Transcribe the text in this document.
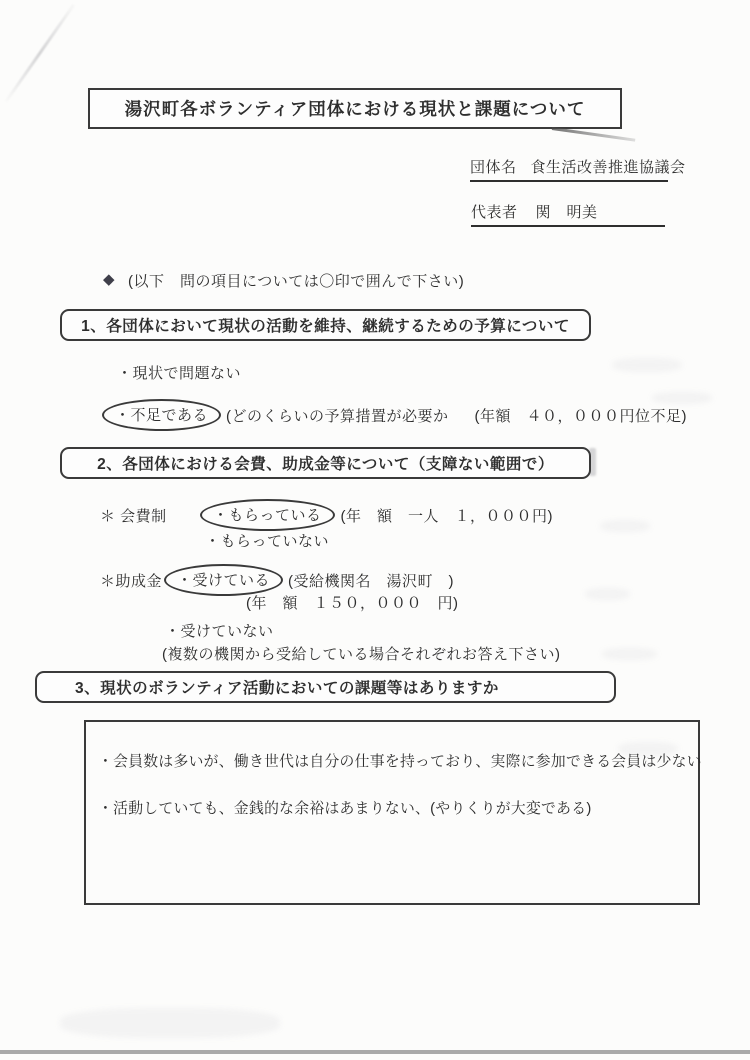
湯沢町各ボランティア団体における現状と課題について
団体名 食生活改善推進協議会
代表者 関　明美
◆ (以下　問の項目については〇印で囲んで下さい)
1、各団体において現状の活動を維持、継続するための予算について
・現状で問題ない
・不足である	(どのくらいの予算措置が必要か (年額　４０，０００円位不足)
2、各団体における会費、助成金等について（支障ない範囲で）
＊ 会費制	・もらっている	(年　額　一人　１，０００円)
・もらっていない
＊助成金 ・受けている	(受給機関名　湯沢町　)
(年　額　１５０，０００　円)
・受けていない
(複数の機関から受給している場合それぞれお答え下さい)
3、現状のボランティア活動においての課題等はありますか
・会員数は多いが、働き世代は自分の仕事を持っており、実際に参加できる会員は少ない
・活動していても、金銭的な余裕はあまりない、(やりくりが大変である)
